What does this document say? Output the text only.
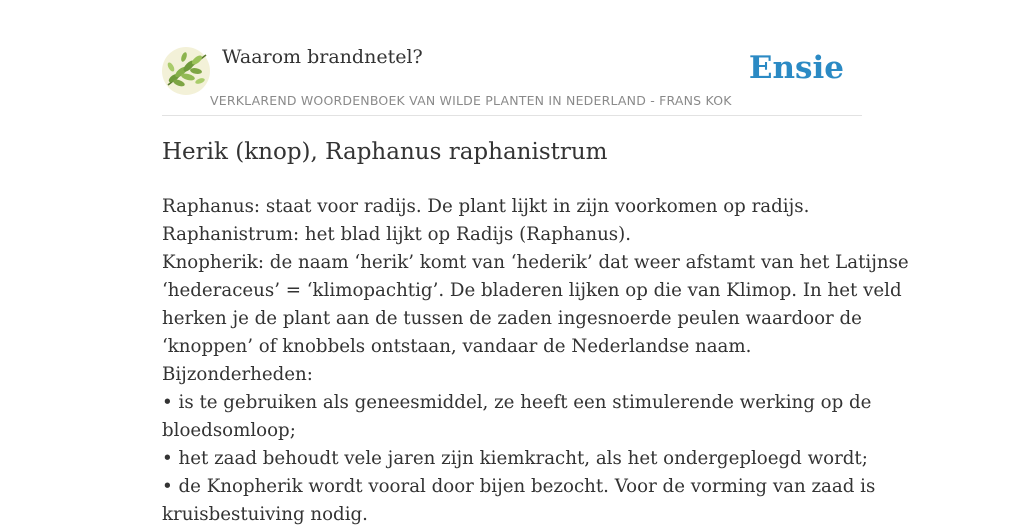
Waarom brandnetel?
VERKLAREND WOORDENBOEK VAN WILDE PLANTEN IN NEDERLAND - FRANS KOK
Ensie
Herik (knop), Raphanus raphanistrum

Raphanus: staat voor radijs. De plant lijkt in zijn voorkomen op radijs.

Raphanistrum: het blad lijkt op Radijs (Raphanus).

Knopherik: de naam ‘herik’ komt van ‘hederik’ dat weer afstamt van het Latijnse

‘hederaceus’ = ‘klimopachtig’. De bladeren lijken op die van Klimop. In het veld

herken je de plant aan de tussen de zaden ingesnoerde peulen waardoor de

‘knoppen’ of knobbels ontstaan, vandaar de Nederlandse naam.

Bijzonderheden:

• is te gebruiken als geneesmiddel, ze heeft een stimulerende werking op de

bloedsomloop;

• het zaad behoudt vele jaren zijn kiemkracht, als het ondergeploegd wordt;

• de Knopherik wordt vooral door bijen bezocht. Voor de vorming van zaad is

kruisbestuiving nodig.
